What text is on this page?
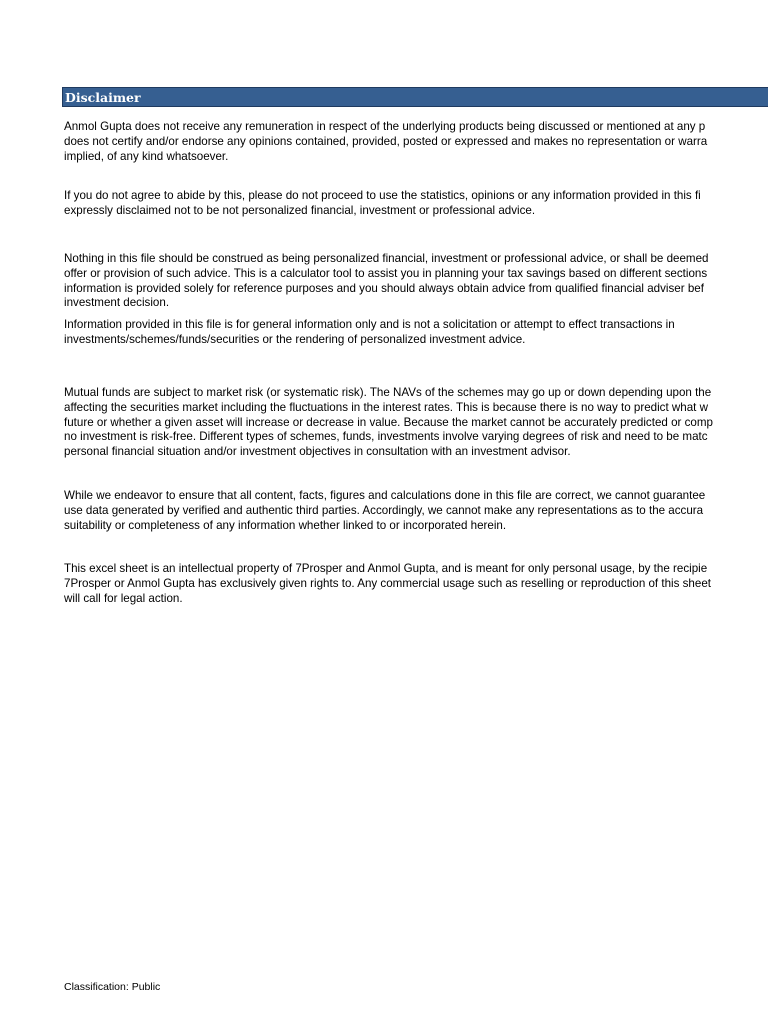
Disclaimer

Anmol Gupta does not receive any remuneration in respect of the underlying products being discussed or mentioned at any p
does not certify and/or endorse any opinions contained, provided, posted or expressed and makes no representation or warra
implied, of any kind whatsoever.

If you do not agree to abide by this, please do not proceed to use the statistics, opinions or any information provided in this fi
expressly disclaimed not to be not personalized financial, investment or professional advice.

Nothing in this file should be construed as being personalized financial, investment or professional advice, or shall be deemed
offer or provision of such advice. This is a calculator tool to assist you in planning your tax savings based on different sections
information is provided solely for reference purposes and you should always obtain advice from qualified financial adviser bef
investment decision.

Information provided in this file is for general information only and is not a solicitation or attempt to effect transactions in
investments/schemes/funds/securities or the rendering of personalized investment advice.

Mutual funds are subject to market risk (or systematic risk). The NAVs of the schemes may go up or down depending upon the
affecting the securities market including the fluctuations in the interest rates. This is because there is no way to predict what w
future or whether a given asset will increase or decrease in value. Because the market cannot be accurately predicted or comp
no investment is risk-free. Different types of schemes, funds, investments involve varying degrees of risk and need to be matc
personal financial situation and/or investment objectives in consultation with an investment advisor.

While we endeavor to ensure that all content, facts, figures and calculations done in this file are correct, we cannot guarantee
use data generated by verified and authentic third parties. Accordingly, we cannot make any representations as to the accura
suitability or completeness of any information whether linked to or incorporated herein.

This excel sheet is an intellectual property of 7Prosper and Anmol Gupta, and is meant for only personal usage, by the recipie
7Prosper or Anmol Gupta has exclusively given rights to. Any commercial usage such as reselling or reproduction of this sheet
will call for legal action.

Classification: Public
